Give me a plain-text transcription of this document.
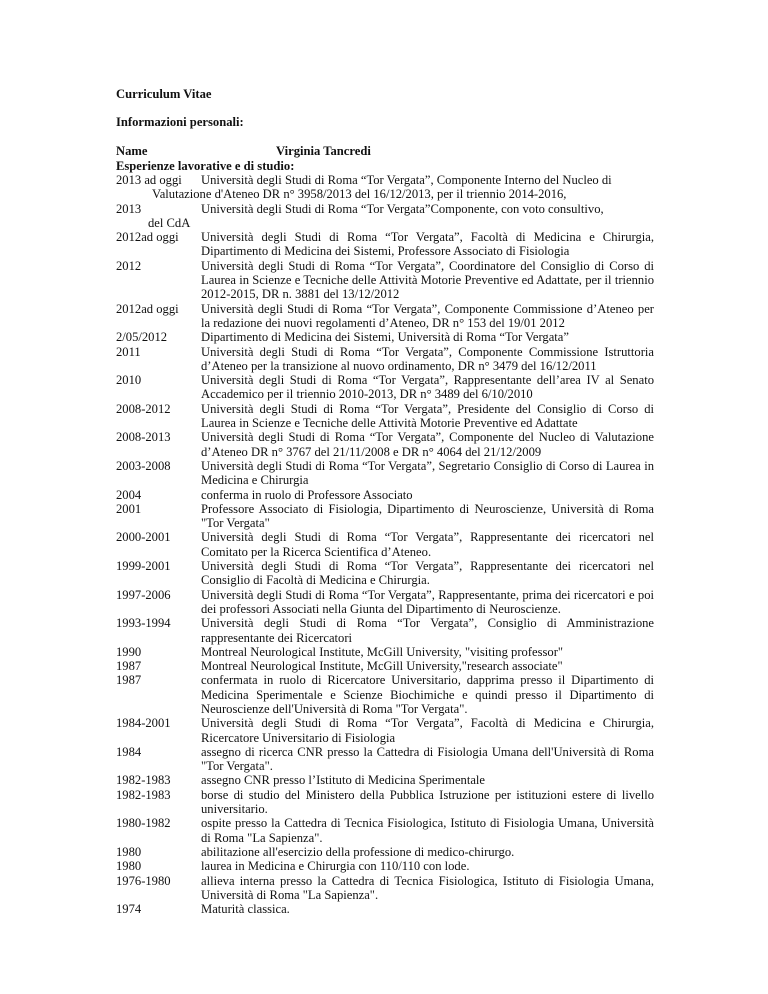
Curriculum Vitae
Informazioni personali:
Name	Virginia Tancredi
Esperienze lavorative e di studio:
2013 ad oggi	Università degli Studi di Roma “Tor Vergata”, Componente Interno del Nucleo di
Valutazione d'Ateneo DR n° 3958/2013 del 16/12/2013, per il triennio 2014-2016,
2013	Università degli Studi di Roma “Tor Vergata”Componente, con voto consultivo,
del CdA
2012ad oggi Università degli Studi di Roma “Tor Vergata”, Facoltà di Medicina e Chirurgia, Dipartimento di Medicina dei Sistemi, Professore Associato di Fisiologia
2012	Università degli Studi di Roma “Tor Vergata”, Coordinatore del Consiglio di Corso di Laurea in Scienze e Tecniche delle Attività Motorie Preventive ed Adattate, per il triennio 2012-2015, DR n. 3881 del 13/12/2012
2012ad oggi Università degli Studi di Roma “Tor Vergata”, Componente Commissione d’Ateneo per la redazione dei nuovi regolamenti d’Ateneo, DR n° 153 del 19/01 2012
2/05/2012	Dipartimento di Medicina dei Sistemi, Università di Roma “Tor Vergata”
2011	Università degli Studi di Roma “Tor Vergata”, Componente Commissione Istruttoria d’Ateneo per la transizione al nuovo ordinamento, DR n° 3479 del 16/12/2011
2010	Università degli Studi di Roma “Tor Vergata”, Rappresentante dell’area IV al Senato Accademico per il triennio 2010-2013, DR n° 3489 del 6/10/2010
2008-2012 Università degli Studi di Roma “Tor Vergata”, Presidente del Consiglio di Corso di Laurea in Scienze e Tecniche delle Attività Motorie Preventive ed Adattate
2008-2013 Università degli Studi di Roma “Tor Vergata”, Componente del Nucleo di Valutazione d’Ateneo DR n° 3767 del 21/11/2008 e DR n° 4064 del 21/12/2009
2003-2008 Università degli Studi di Roma “Tor Vergata”, Segretario Consiglio di Corso di Laurea in Medicina e Chirurgia
2004	conferma in ruolo di Professore Associato
2001	Professore Associato di Fisiologia, Dipartimento di Neuroscienze, Università di Roma "Tor Vergata"
2000-2001 Università degli Studi di Roma “Tor Vergata”, Rappresentante dei ricercatori nel Comitato per la Ricerca Scientifica d’Ateneo.
1999-2001 Università degli Studi di Roma “Tor Vergata”, Rappresentante dei ricercatori nel Consiglio di Facoltà di Medicina e Chirurgia.
1997-2006 Università degli Studi di Roma “Tor Vergata”, Rappresentante, prima dei ricercatori e poi dei professori Associati nella Giunta del Dipartimento di Neuroscienze.
1993-1994 Università degli Studi di Roma “Tor Vergata”, Consiglio di Amministrazione rappresentante dei Ricercatori
1990	Montreal Neurological Institute, McGill University, "visiting professor"
1987	Montreal Neurological Institute, McGill University,"research associate"
1987	confermata in ruolo di Ricercatore Universitario, dapprima presso il Dipartimento di Medicina Sperimentale e Scienze Biochimiche e quindi presso il Dipartimento di Neuroscienze dell'Università di Roma "Tor Vergata".
1984-2001 Università degli Studi di Roma “Tor Vergata”, Facoltà di Medicina e Chirurgia, Ricercatore Universitario di Fisiologia
1984	assegno di ricerca CNR presso la Cattedra di Fisiologia Umana dell'Università di Roma "Tor Vergata".
1982-1983 assegno CNR presso l’Istituto di Medicina Sperimentale
1982-1983 borse di studio del Ministero della Pubblica Istruzione per istituzioni estere di livello universitario.
1980-1982 ospite presso la Cattedra di Tecnica Fisiologica, Istituto di Fisiologia Umana, Università di Roma "La Sapienza".
1980	abilitazione all'esercizio della professione di medico-chirurgo.
1980	laurea in Medicina e Chirurgia con 110/110 con lode.
1976-1980 allieva interna presso la Cattedra di Tecnica Fisiologica, Istituto di Fisiologia Umana, Università di Roma "La Sapienza".
1974	Maturità classica.
